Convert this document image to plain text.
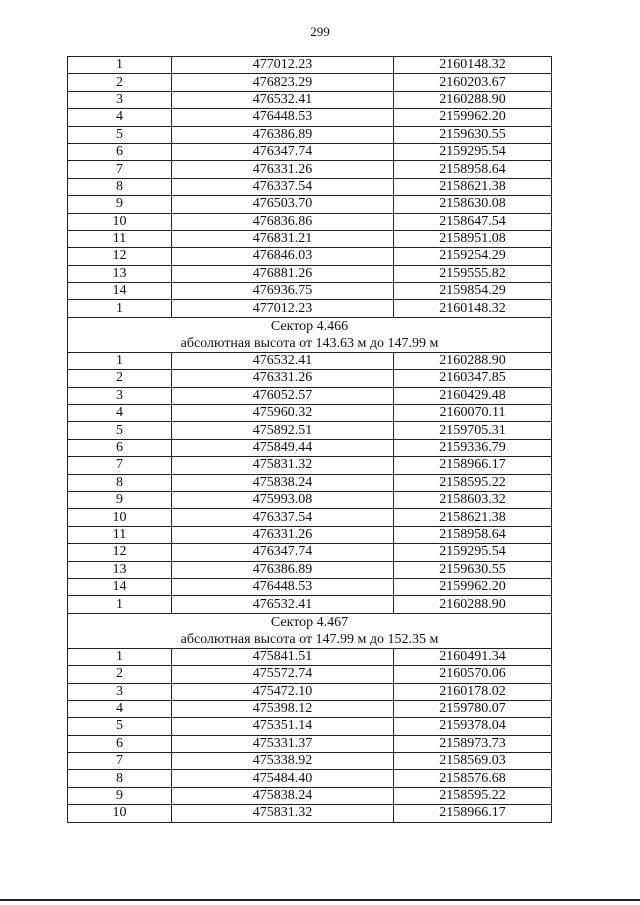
299
1	477012.23	2160148.32
2	476823.29	2160203.67
3	476532.41	2160288.90
4	476448.53	2159962.20
5	476386.89	2159630.55
6	476347.74	2159295.54
7	476331.26	2158958.64
8	476337.54	2158621.38
9	476503.70	2158630.08
10	476836.86	2158647.54
11	476831.21	2158951.08
12	476846.03	2159254.29
13	476881.26	2159555.82
14	476936.75	2159854.29
1	477012.23	2160148.32

Сектор 4.466
абсолютная высота от 143.63 м до 147.99 м		

1	476532.41	2160288.90
2	476331.26	2160347.85
3	476052.57	2160429.48
4	475960.32	2160070.11
5	475892.51	2159705.31
6	475849.44	2159336.79
7	475831.32	2158966.17
8	475838.24	2158595.22
9	475993.08	2158603.32
10	476337.54	2158621.38
11	476331.26	2158958.64
12	476347.74	2159295.54
13	476386.89	2159630.55
14	476448.53	2159962.20
1	476532.41	2160288.90

Сектор 4.467
абсолютная высота от 147.99 м до 152.35 м		

1	475841.51	2160491.34
2	475572.74	2160570.06
3	475472.10	2160178.02
4	475398.12	2159780.07
5	475351.14	2159378.04
6	475331.37	2158973.73
7	475338.92	2158569.03
8	475484.40	2158576.68
9	475838.24	2158595.22
10	475831.32	2158966.17
